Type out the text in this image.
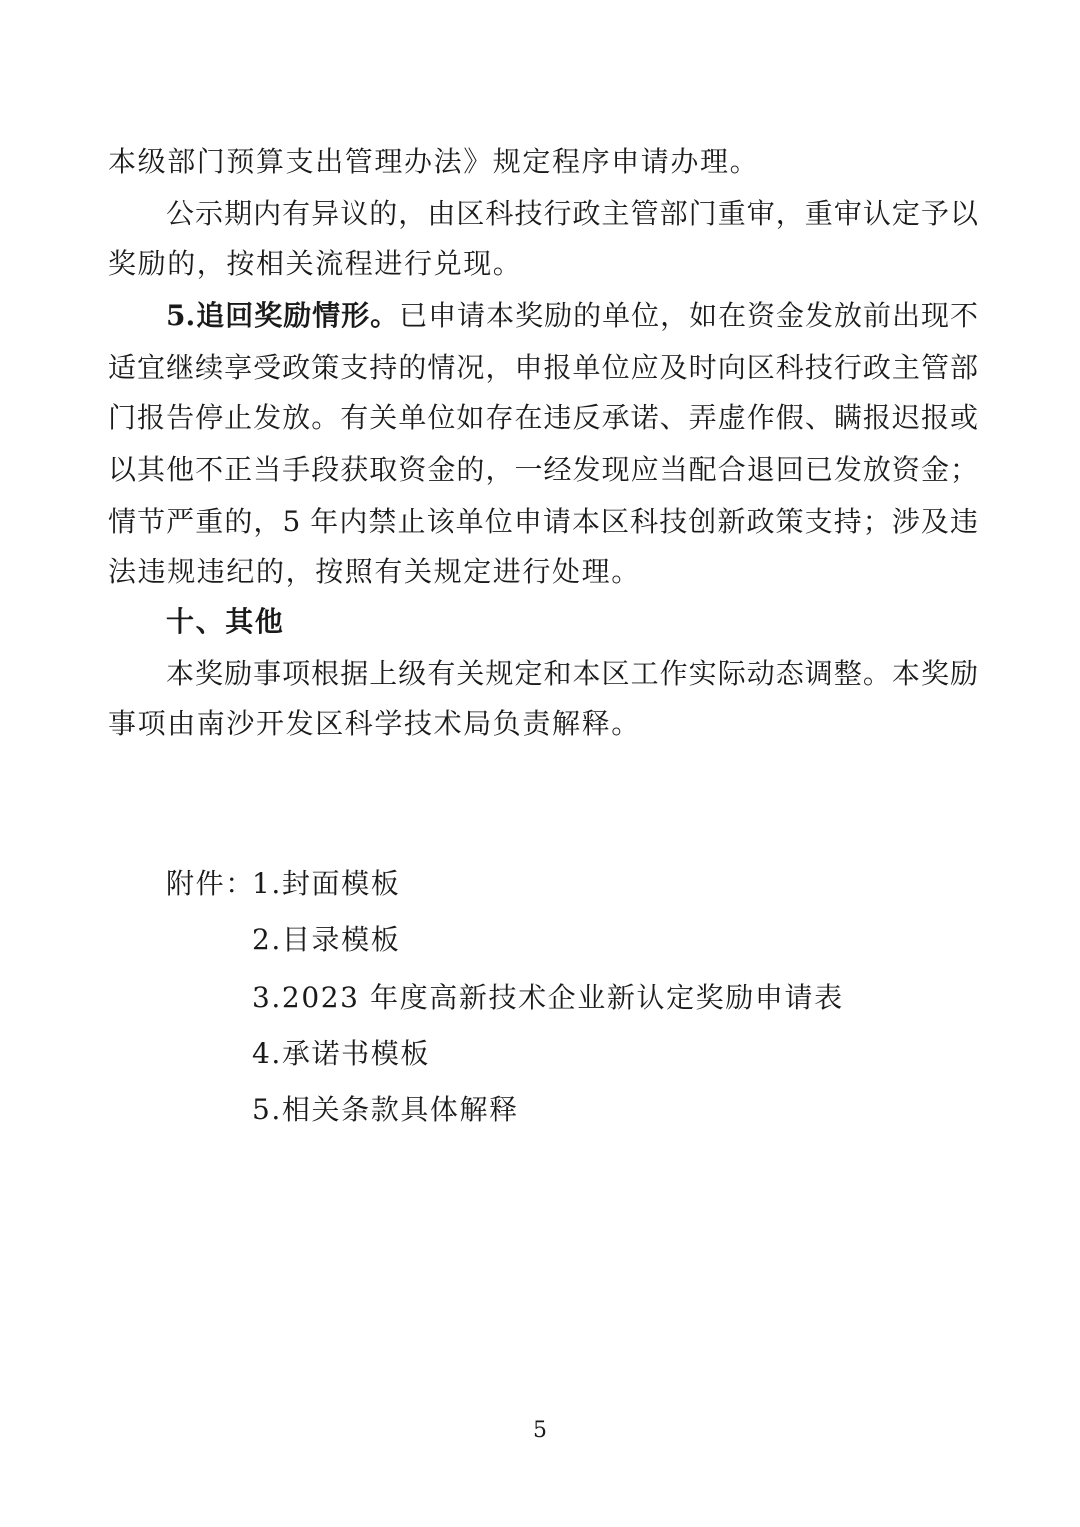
本级部门预算支出管理办法》规定程序申请办理。
公示期内有异议的，由区科技行政主管部门重审，重审认定予以
奖励的，按相关流程进行兑现。
5.追回奖励情形。已申请本奖励的单位，如在资金发放前出现不
适宜继续享受政策支持的情况，申报单位应及时向区科技行政主管部
门报告停止发放。有关单位如存在违反承诺、弄虚作假、瞒报迟报或
以其他不正当手段获取资金的，一经发现应当配合退回已发放资金；
情节严重的，5 年内禁止该单位申请本区科技创新政策支持；涉及违
法违规违纪的，按照有关规定进行处理。
十、其他
本奖励事项根据上级有关规定和本区工作实际动态调整。本奖励
事项由南沙开发区科学技术局负责解释。
附件：
1.封面模板
2.目录模板
3.2023 年度高新技术企业新认定奖励申请表
4.承诺书模板
5.相关条款具体解释
5
